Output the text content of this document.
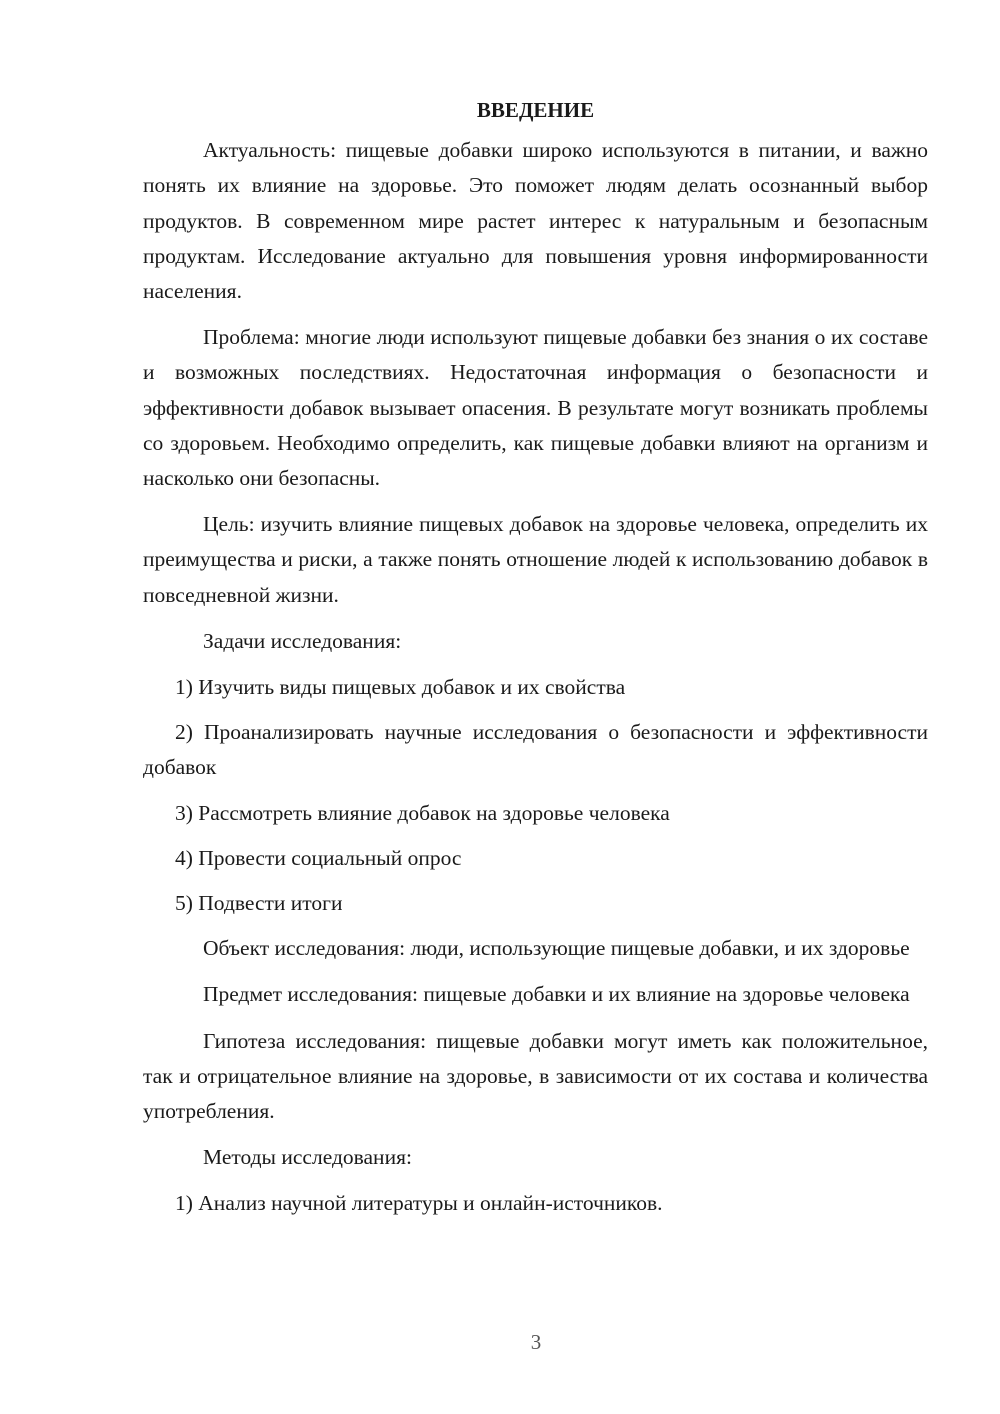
ВВЕДЕНИЕ

Актуальность: пищевые добавки широко используются в питании, и важно понять их влияние на здоровье. Это поможет людям делать осознанный выбор продуктов. В современном мире растет интерес к натуральным и безопасным продуктам. Исследование актуально для повышения уровня информированности населения.

Проблема: многие люди используют пищевые добавки без знания о их составе и возможных последствиях. Недостаточная информация о безопасности и эффективности добавок вызывает опасения. В результате могут возникать проблемы со здоровьем. Необходимо определить, как пищевые добавки влияют на организм и насколько они безопасны.

Цель: изучить влияние пищевых добавок на здоровье человека, определить их преимущества и риски, а также понять отношение людей к использованию добавок в повседневной жизни.

Задачи исследования:

1) Изучить виды пищевых добавок и их свойства

2) Проанализировать научные исследования о безопасности и эффективности добавок

3) Рассмотреть влияние добавок на здоровье человека

4) Провести социальный опрос

5) Подвести итоги

Объект исследования: люди, использующие пищевые добавки, и их здоровье

Предмет исследования: пищевые добавки и их влияние на здоровье человека

Гипотеза исследования: пищевые добавки могут иметь как положительное, так и отрицательное влияние на здоровье, в зависимости от их состава и количества употребления.

Методы исследования:

1) Анализ научной литературы и онлайн-источников.

3
